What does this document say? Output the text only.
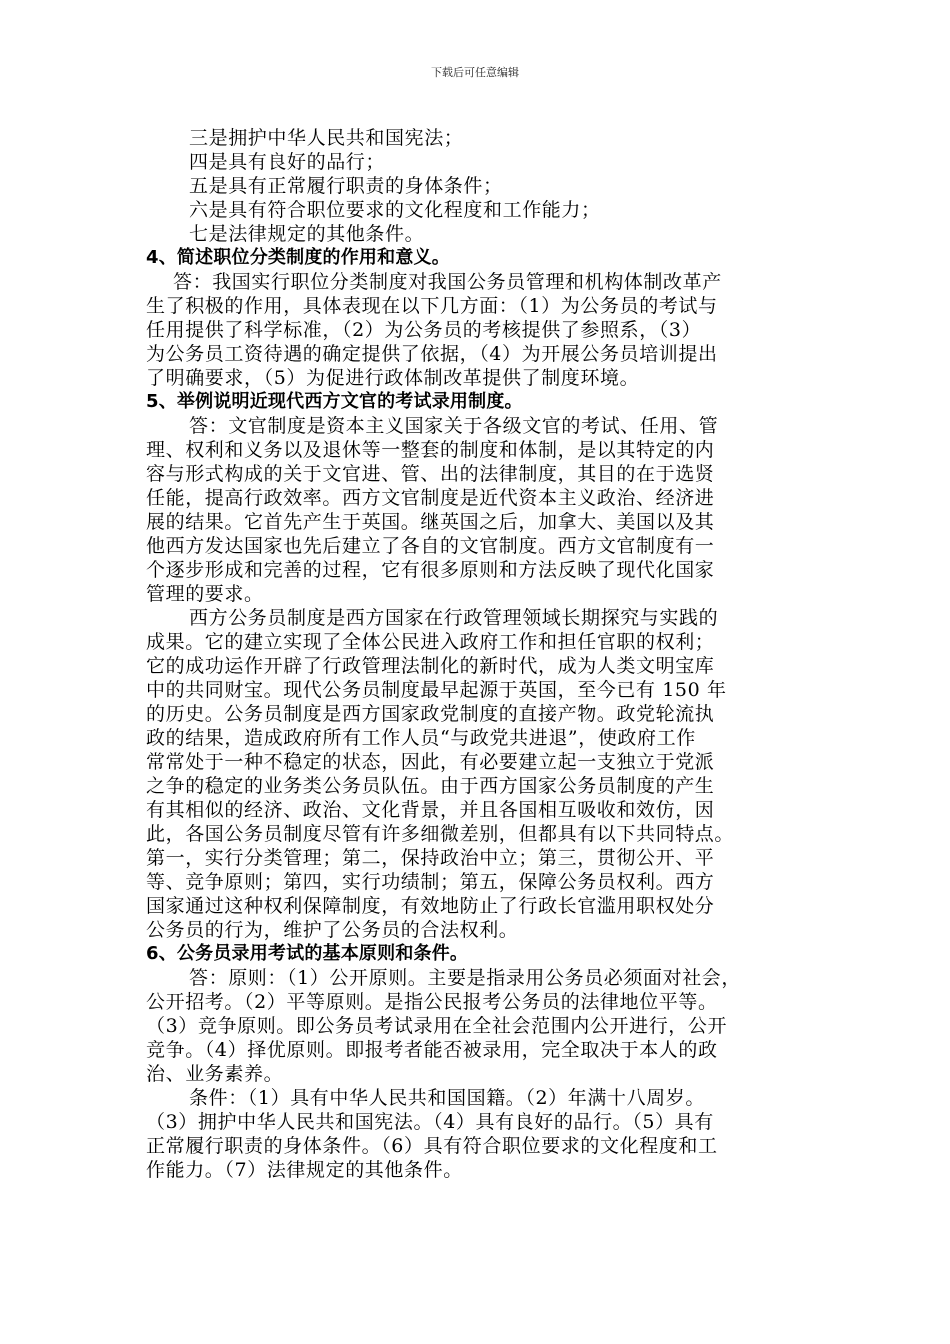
下载后可任意编辑
三是拥护中华人民共和国宪法；
四是具有良好的品行；
五是具有正常履行职责的身体条件；
六是具有符合职位要求的文化程度和工作能力；
七是法律规定的其他条件。
4、简述职位分类制度的作用和意义。
答：我国实行职位分类制度对我国公务员管理和机构体制改革产
生了积极的作用，具体表现在以下几方面：（1）为公务员的考试与
任用提供了科学标准，（2）为公务员的考核提供了参照系，（3）
为公务员工资待遇的确定提供了依据，（4）为开展公务员培训提出
了明确要求，（5）为促进行政体制改革提供了制度环境。
5、举例说明近现代西方文官的考试录用制度。
答：文官制度是资本主义国家关于各级文官的考试、任用、管
理、权利和义务以及退休等一整套的制度和体制，是以其特定的内
容与形式构成的关于文官进、管、出的法律制度，其目的在于选贤
任能，提高行政效率。西方文官制度是近代资本主义政治、经济进
展的结果。它首先产生于英国。继英国之后，加拿大、美国以及其
他西方发达国家也先后建立了各自的文官制度。西方文官制度有一
个逐步形成和完善的过程，它有很多原则和方法反映了现代化国家
管理的要求。
西方公务员制度是西方国家在行政管理领域长期探究与实践的
成果。它的建立实现了全体公民进入政府工作和担任官职的权利；
它的成功运作开辟了行政管理法制化的新时代，成为人类文明宝库
中的共同财宝。现代公务员制度最早起源于英国，至今已有 150 年
的历史。公务员制度是西方国家政党制度的直接产物。政党轮流执
政的结果，造成政府所有工作人员“与政党共进退”，使政府工作
常常处于一种不稳定的状态，因此，有必要建立起一支独立于党派
之争的稳定的业务类公务员队伍。由于西方国家公务员制度的产生
有其相似的经济、政治、文化背景，并且各国相互吸收和效仿，因
此，各国公务员制度尽管有许多细微差别，但都具有以下共同特点。
第一，实行分类管理；第二，保持政治中立；第三，贯彻公开、平
等、竞争原则；第四，实行功绩制；第五，保障公务员权利。西方
国家通过这种权利保障制度，有效地防止了行政长官滥用职权处分
公务员的行为，维护了公务员的合法权利。
6、公务员录用考试的基本原则和条件。
答：原则：（1）公开原则。主要是指录用公务员必须面对社会，
公开招考。（2）平等原则。是指公民报考公务员的法律地位平等。
（3）竞争原则。即公务员考试录用在全社会范围内公开进行，公开
竞争。（4）择优原则。即报考者能否被录用，完全取决于本人的政
治、业务素养。
条件：（1）具有中华人民共和国国籍。（2）年满十八周岁。
（3）拥护中华人民共和国宪法。（4）具有良好的品行。（5）具有
正常履行职责的身体条件。（6）具有符合职位要求的文化程度和工
作能力。（7）法律规定的其他条件。
